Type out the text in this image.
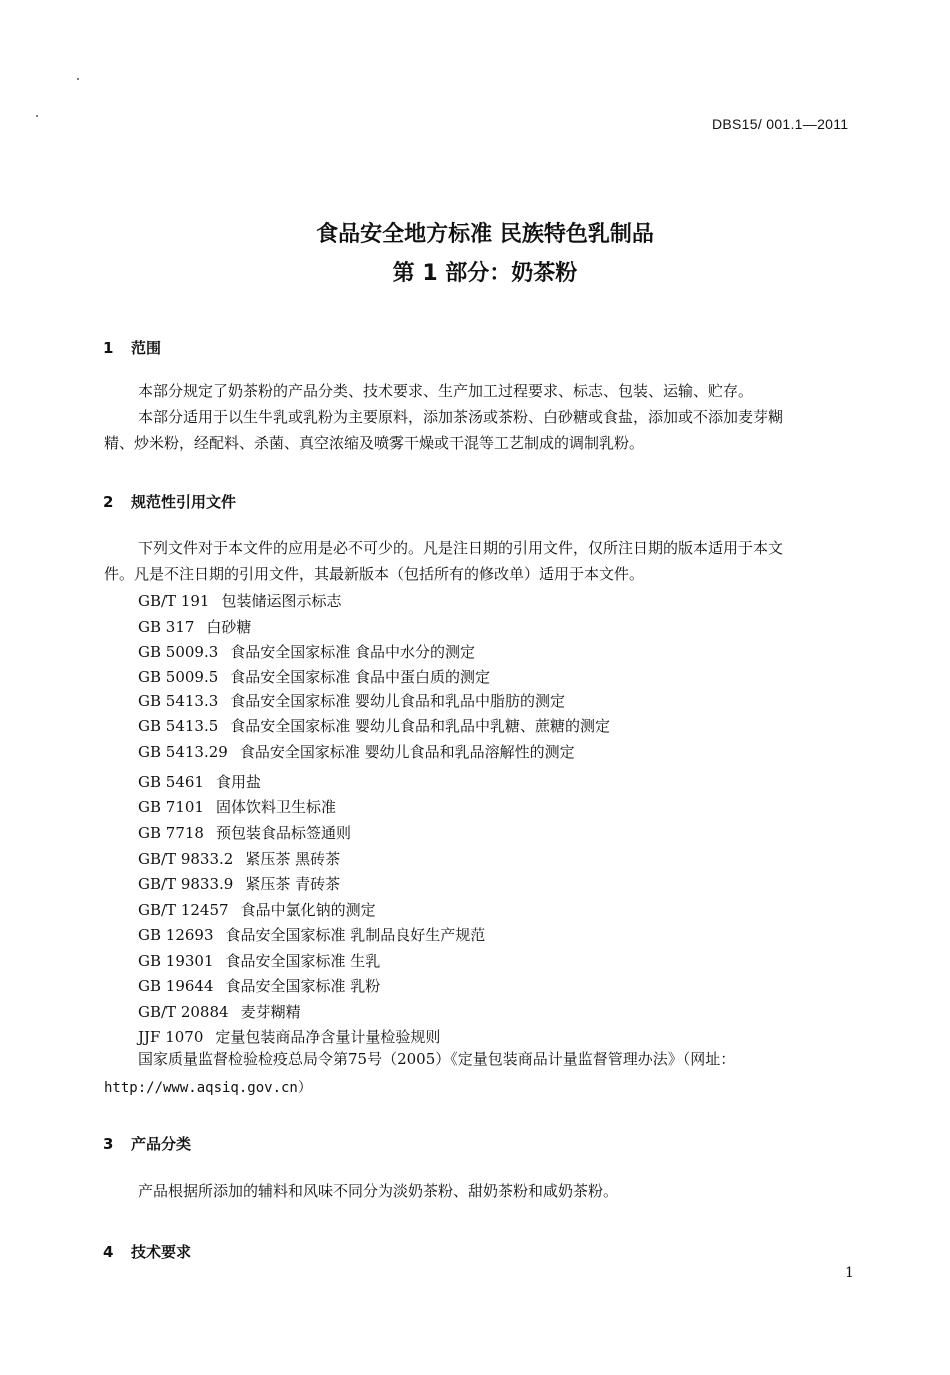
DBS15/ 001.1—2011
食品安全地方标准 民族特色乳制品
第 1 部分：奶茶粉
1 范围
本部分规定了奶茶粉的产品分类、技术要求、生产加工过程要求、标志、包装、运输、贮存。
本部分适用于以生牛乳或乳粉为主要原料，添加茶汤或茶粉、白砂糖或食盐，添加或不添加麦芽糊
精、炒米粉，经配料、杀菌、真空浓缩及喷雾干燥或干混等工艺制成的调制乳粉。
2 规范性引用文件
下列文件对于本文件的应用是必不可少的。凡是注日期的引用文件，仅所注日期的版本适用于本文
件。凡是不注日期的引用文件，其最新版本（包括所有的修改单）适用于本文件。
GB/T 191 包装储运图示标志
GB 317 白砂糖
GB 5009.3 食品安全国家标准 食品中水分的测定
GB 5009.5 食品安全国家标准 食品中蛋白质的测定
GB 5413.3 食品安全国家标准 婴幼儿食品和乳品中脂肪的测定
GB 5413.5 食品安全国家标准 婴幼儿食品和乳品中乳糖、蔗糖的测定
GB 5413.29 食品安全国家标准 婴幼儿食品和乳品溶解性的测定
GB 5461 食用盐
GB 7101 固体饮料卫生标准
GB 7718 预包装食品标签通则
GB/T 9833.2 紧压茶 黑砖茶
GB/T 9833.9 紧压茶 青砖茶
GB/T 12457 食品中氯化钠的测定
GB 12693 食品安全国家标准 乳制品良好生产规范
GB 19301 食品安全国家标准 生乳
GB 19644 食品安全国家标准 乳粉
GB/T 20884 麦芽糊精
JJF 1070 定量包装商品净含量计量检验规则
国家质量监督检验检疫总局令第75号（2005）《定量包装商品计量监督管理办法》（网址：
http://www.aqsiq.gov.cn）
3 产品分类
产品根据所添加的辅料和风味不同分为淡奶茶粉、甜奶茶粉和咸奶茶粉。
4 技术要求
1
